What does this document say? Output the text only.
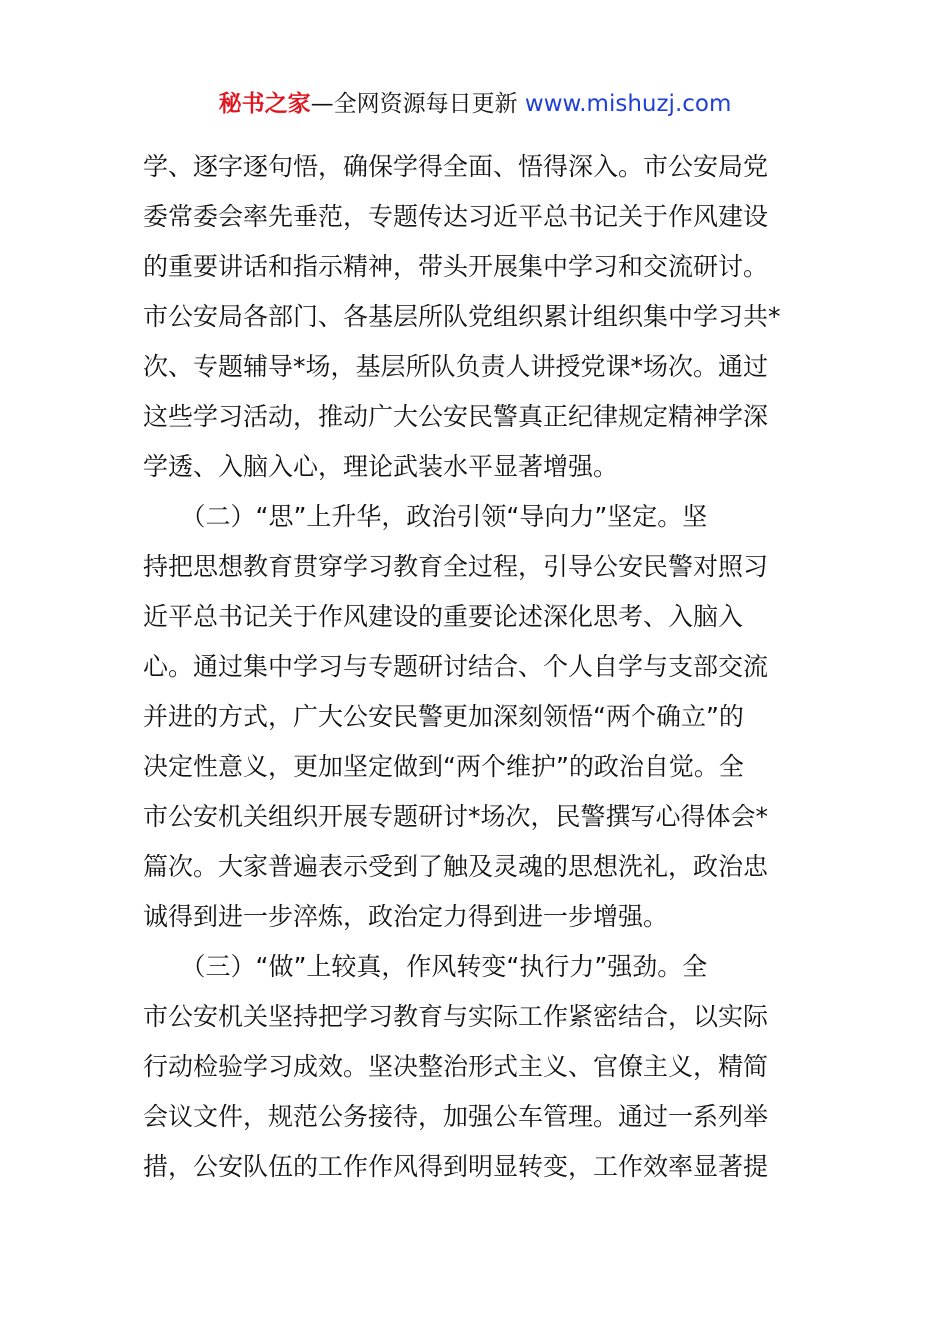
秘书之家—全网资源每日更新 www.mishuzj.com
学、逐字逐句悟，确保学得全面、悟得深入。市公安局党
委常委会率先垂范，专题传达习近平总书记关于作风建设
的重要讲话和指示精神，带头开展集中学习和交流研讨。
市公安局各部门、各基层所队党组织累计组织集中学习共*
次、专题辅导*场，基层所队负责人讲授党课*场次。通过
这些学习活动，推动广大公安民警真正纪律规定精神学深
学透、入脑入心，理论武装水平显著增强。
　　（二）“思”上升华，政治引领“导向力”坚定。坚
持把思想教育贯穿学习教育全过程，引导公安民警对照习
近平总书记关于作风建设的重要论述深化思考、入脑入
心。通过集中学习与专题研讨结合、个人自学与支部交流
并进的方式，广大公安民警更加深刻领悟“两个确立”的
决定性意义，更加坚定做到“两个维护”的政治自觉。全
市公安机关组织开展专题研讨*场次，民警撰写心得体会*
篇次。大家普遍表示受到了触及灵魂的思想洗礼，政治忠
诚得到进一步淬炼，政治定力得到进一步增强。
　　（三）“做”上较真，作风转变“执行力”强劲。全
市公安机关坚持把学习教育与实际工作紧密结合，以实际
行动检验学习成效。坚决整治形式主义、官僚主义，精简
会议文件，规范公务接待，加强公车管理。通过一系列举
措，公安队伍的工作作风得到明显转变，工作效率显著提
